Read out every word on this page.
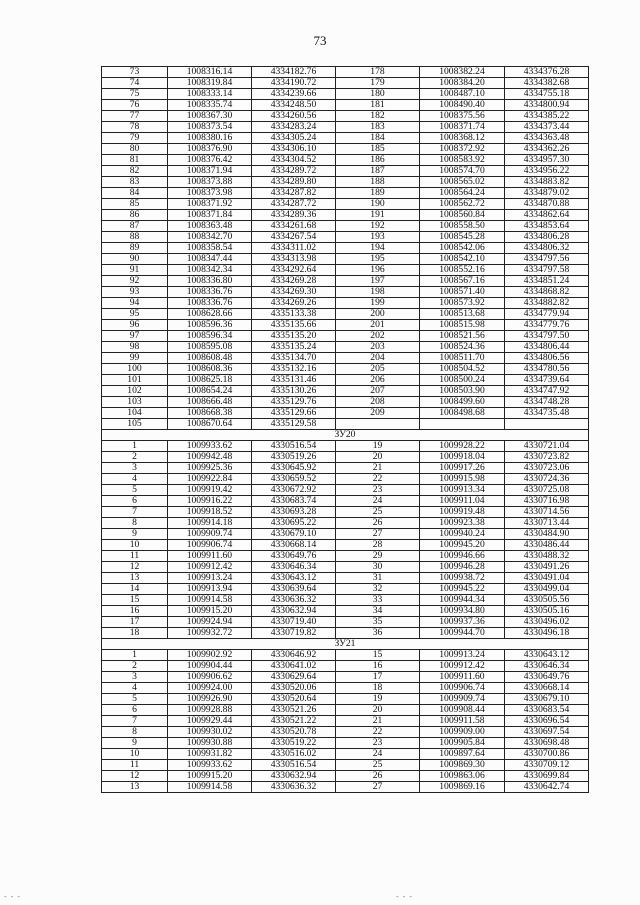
73
73	1008316.14	4334182.76	178	1008382.24	4334376.28
74	1008319.84	4334190.72	179	1008384.20	4334382.68
75	1008333.14	4334239.66	180	1008487.10	4334755.18
76	1008335.74	4334248.50	181	1008490.40	4334800.94
77	1008367.30	4334260.56	182	1008375.56	4334385.22
78	1008373.54	4334283.24	183	1008371.74	4334373.44
79	1008380.16	4334305.24	184	1008368.12	4334363.48
80	1008376.90	4334306.10	185	1008372.92	4334362.26
81	1008376.42	4334304.52	186	1008583.92	4334957.30
82	1008371.94	4334289.72	187	1008574.70	4334956.22
83	1008373.88	4334289.80	188	1008565.02	4334883.82
84	1008373.98	4334287.82	189	1008564.24	4334879.02
85	1008371.92	4334287.72	190	1008562.72	4334870.88
86	1008371.84	4334289.36	191	1008560.84	4334862.64
87	1008363.48	4334261.68	192	1008558.50	4334853.64
88	1008342.70	4334267.54	193	1008545.28	4334806.28
89	1008358.54	4334311.02	194	1008542.06	4334806.32
90	1008347.44	4334313.98	195	1008542.10	4334797.56
91	1008342.34	4334292.64	196	1008552.16	4334797.58
92	1008336.80	4334269.28	197	1008567.16	4334851.24
93	1008336.76	4334269.30	198	1008571.40	4334868.82
94	1008336.76	4334269.26	199	1008573.92	4334882.82
95	1008628.66	4335133.38	200	1008513.68	4334779.94
96	1008596.36	4335135.66	201	1008515.98	4334779.76
97	1008596.34	4335135.20	202	1008521.56	4334797.50
98	1008595.08	4335135.24	203	1008524.36	4334806.44
99	1008608.48	4335134.70	204	1008511.70	4334806.56
100	1008608.36	4335132.16	205	1008504.52	4334780.56
101	1008625.18	4335131.46	206	1008500.24	4334739.64
102	1008654.24	4335130.26	207	1008503.90	4334747.92
103	1008666.48	4335129.76	208	1008499.60	4334748.28
104	1008668.38	4335129.66	209	1008498.68	4334735.48
105	1008670.64	4335129.58			
ЗУ20					
1	1009933.62	4330516.54	19	1009928.22	4330721.04
2	1009942.48	4330519.26	20	1009918.04	4330723.82
3	1009925.36	4330645.92	21	1009917.26	4330723.06
4	1009922.84	4330659.52	22	1009915.98	4330724.36
5	1009919.42	4330672.92	23	1009913.34	4330725.08
6	1009916.22	4330683.74	24	1009911.04	4330716.98
7	1009918.52	4330693.28	25	1009919.48	4330714.56
8	1009914.18	4330695.22	26	1009923.38	4330713.44
9	1009909.74	4330679.10	27	1009940.24	4330484.90
10	1009906.74	4330668.14	28	1009945.20	4330486.44
11	1009911.60	4330649.76	29	1009946.66	4330488.32
12	1009912.42	4330646.34	30	1009946.28	4330491.26
13	1009913.24	4330643.12	31	1009938.72	4330491.04
14	1009913.94	4330639.64	32	1009945.22	4330499.04
15	1009914.58	4330636.32	33	1009944.34	4330505.56
16	1009915.20	4330632.94	34	1009934.80	4330505.16
17	1009924.94	4330719.40	35	1009937.36	4330496.02
18	1009932.72	4330719.82	36	1009944.70	4330496.18
ЗУ21					
1	1009902.92	4330646.92	15	1009913.24	4330643.12
2	1009904.44	4330641.02	16	1009912.42	4330646.34
3	1009906.62	4330629.64	17	1009911.60	4330649.76
4	1009924.00	4330520.06	18	1009906.74	4330668.14
5	1009926.90	4330520.64	19	1009909.74	4330679.10
6	1009928.88	4330521.26	20	1009908.44	4330683.54
7	1009929.44	4330521.22	21	1009911.58	4330696.54
8	1009930.02	4330520.78	22	1009909.00	4330697.54
9	1009930.88	4330519.22	23	1009905.84	4330698.48
10	1009931.82	4330516.02	24	1009897.64	4330700.86
11	1009933.62	4330516.54	25	1009869.30	4330709.12
12	1009915.20	4330632.94	26	1009863.06	4330699.84
13	1009914.58	4330636.32	27	1009869.16	4330642.74
- - -	- - -
